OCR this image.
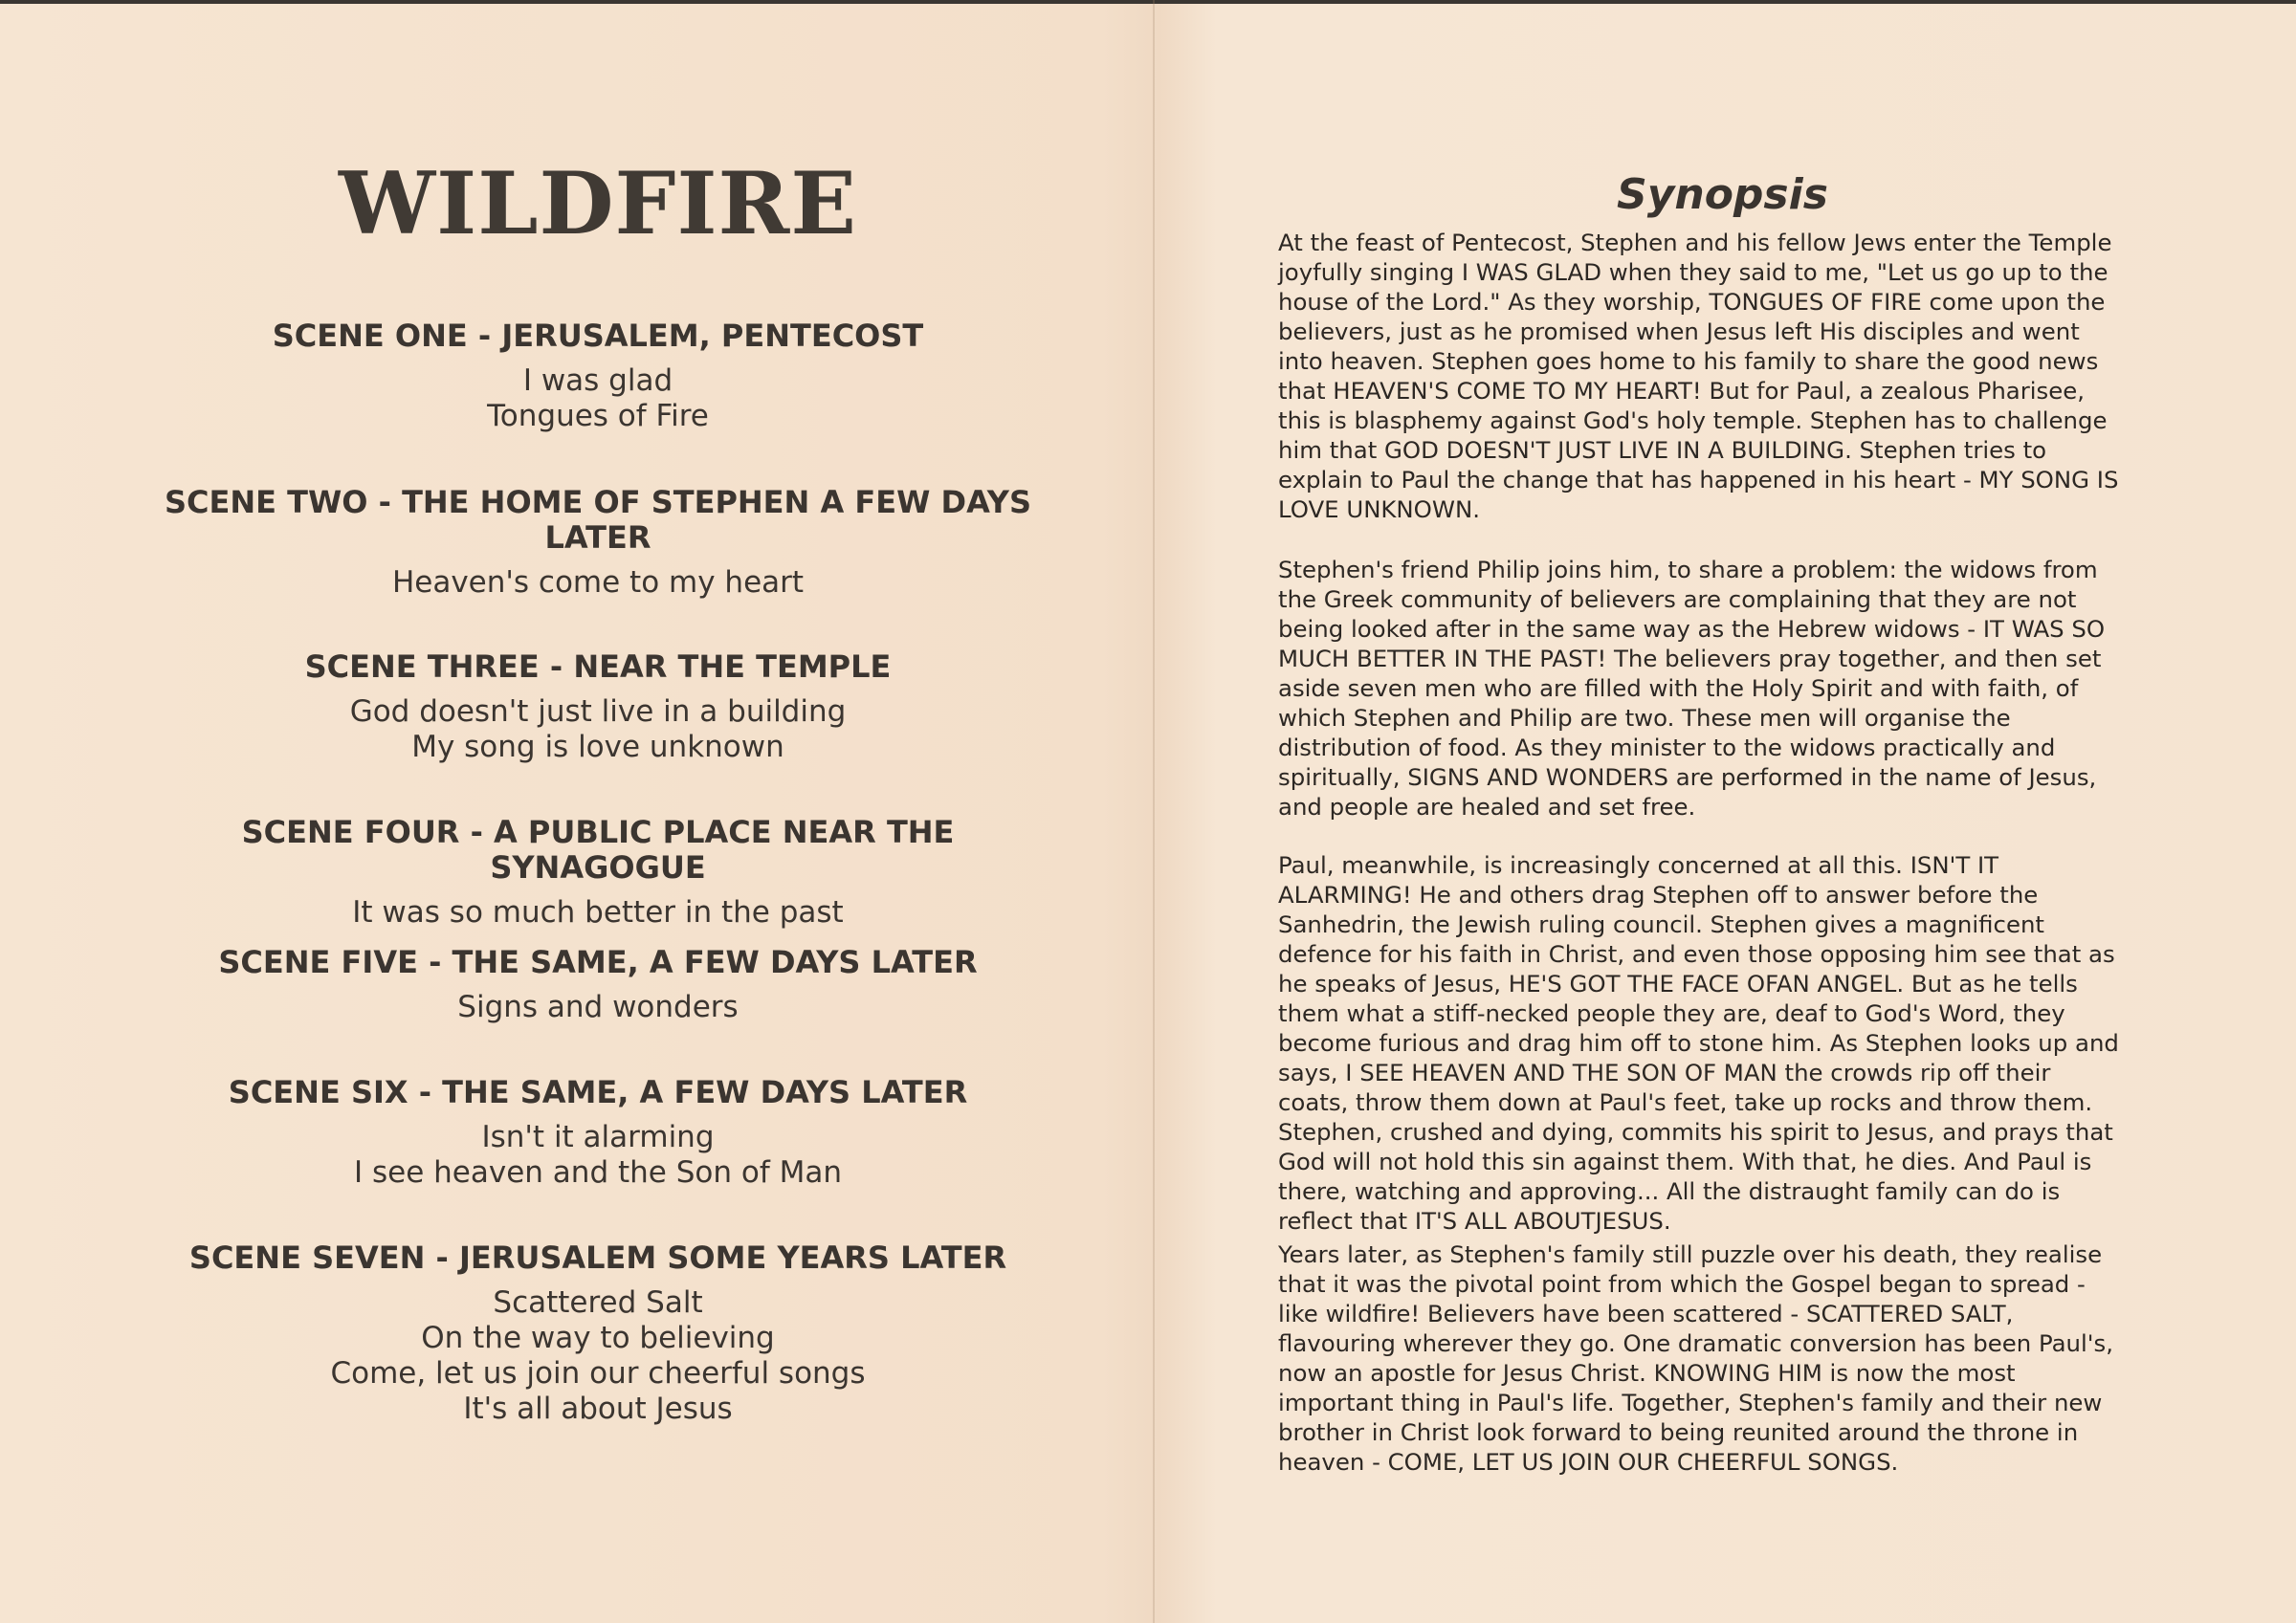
WILDFIRE

SCENE ONE - JERUSALEM, PENTECOST

I was glad

Tongues of Fire

SCENE TWO - THE HOME OF STEPHEN A FEW DAYS LATER

Heaven's come to my heart

SCENE THREE - NEAR THE TEMPLE

God doesn't just live in a building

My song is love unknown

SCENE FOUR - A PUBLIC PLACE NEAR THE SYNAGOGUE

It was so much better in the past

SCENE FIVE - THE SAME, A FEW DAYS LATER

Signs and wonders

SCENE SIX - THE SAME, A FEW DAYS LATER

Isn't it alarming

I see heaven and the Son of Man

SCENE SEVEN - JERUSALEM SOME YEARS LATER

Scattered Salt

On the way to believing

Come, let us join our cheerful songs

It's all about Jesus

Synopsis

At the feast of Pentecost, Stephen and his fellow Jews enter the Temple joyfully singing I WAS GLAD when they said to me, "Let us go up to the house of the Lord." As they worship, TONGUES OF FIRE come upon the believers, just as he promised when Jesus left His disciples and went into heaven. Stephen goes home to his family to share the good news that HEAVEN'S COME TO MY HEART! But for Paul, a zealous Pharisee, this is blasphemy against God's holy temple. Stephen has to challenge him that GOD DOESN'T JUST LIVE IN A BUILDING. Stephen tries to explain to Paul the change that has happened in his heart - MY SONG IS LOVE UNKNOWN.

Stephen's friend Philip joins him, to share a problem: the widows from the Greek community of believers are complaining that they are not being looked after in the same way as the Hebrew widows - IT WAS SO MUCH BETTER IN THE PAST! The believers pray together, and then set aside seven men who are filled with the Holy Spirit and with faith, of which Stephen and Philip are two. These men will organise the distribution of food. As they minister to the widows practically and spiritually, SIGNS AND WONDERS are performed in the name of Jesus, and people are healed and set free.

Paul, meanwhile, is increasingly concerned at all this. ISN'T IT ALARMING! He and others drag Stephen off to answer before the Sanhedrin, the Jewish ruling council. Stephen gives a magnificent defence for his faith in Christ, and even those opposing him see that as he speaks of Jesus, HE'S GOT THE FACE OFAN ANGEL. But as he tells them what a stiff-necked people they are, deaf to God's Word, they become furious and drag him off to stone him. As Stephen looks up and says, I SEE HEAVEN AND THE SON OF MAN the crowds rip off their coats, throw them down at Paul's feet, take up rocks and throw them. Stephen, crushed and dying, commits his spirit to Jesus, and prays that God will not hold this sin against them. With that, he dies. And Paul is there, watching and approving... All the distraught family can do is reflect that IT'S ALL ABOUTJESUS.

Years later, as Stephen's family still puzzle over his death, they realise that it was the pivotal point from which the Gospel began to spread - like wildfire! Believers have been scattered - SCATTERED SALT, flavouring wherever they go. One dramatic conversion has been Paul's, now an apostle for Jesus Christ. KNOWING HIM is now the most important thing in Paul's life. Together, Stephen's family and their new brother in Christ look forward to being reunited around the throne in heaven - COME, LET US JOIN OUR CHEERFUL SONGS.
